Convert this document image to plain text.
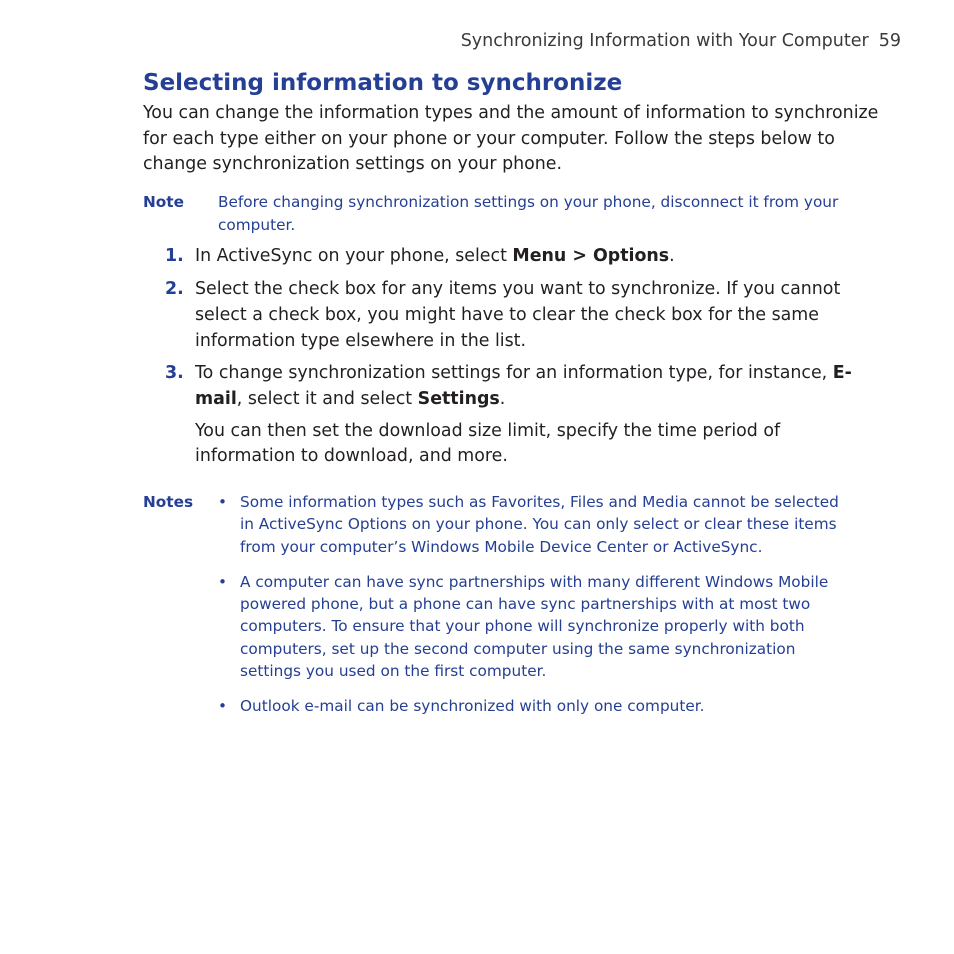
Synchronizing Information with Your Computer 59
Selecting information to synchronize

You can change the information types and the amount of information to synchronize for each type either on your phone or your computer. Follow the steps below to change synchronization settings on your phone.

Note	Before changing synchronization settings on your phone, disconnect it from your computer.
1. In ActiveSync on your phone, select Menu > Options.
2. Select the check box for any items you want to synchronize. If you cannot select a check box, you might have to clear the check box for the same information type elsewhere in the list.
3. To change synchronization settings for an information type, for instance, E-mail, select it and select Settings.

You can then set the download size limit, specify the time period of information to download, and more.

Notes	• Some information types such as Favorites, Files and Media cannot be selected in ActiveSync Options on your phone. You can only select or clear these items from your computer’s Windows Mobile Device Center or ActiveSync.
• A computer can have sync partnerships with many different Windows Mobile powered phone, but a phone can have sync partnerships with at most two computers. To ensure that your phone will synchronize properly with both computers, set up the second computer using the same synchronization settings you used on the first computer.
• Outlook e-mail can be synchronized with only one computer.
